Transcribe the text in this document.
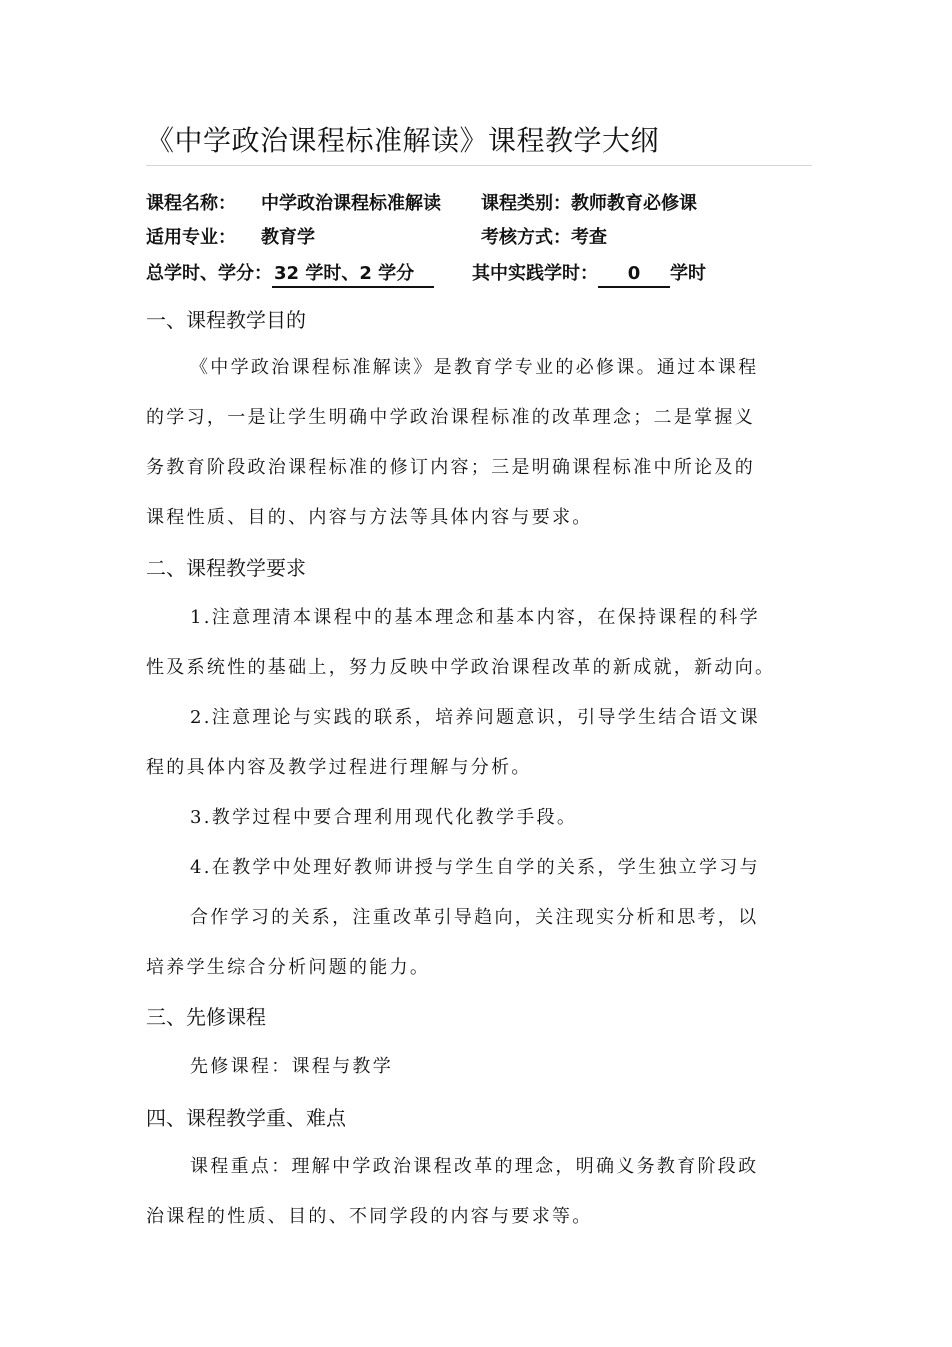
《中学政治课程标准解读》课程教学大纲
课程名称： 中学政治课程标准解读 课程类别：教师教育必修课
适用专业： 教育学	考核方式：考查
总学时、学分：32 学时、2 学分	其中实践学时： 0 学时
一、课程教学目的
《中学政治课程标准解读》是教育学专业的必修课。通过本课程
的学习，一是让学生明确中学政治课程标准的改革理念；二是掌握义
务教育阶段政治课程标准的修订内容；三是明确课程标准中所论及的
课程性质、目的、内容与方法等具体内容与要求。
二、课程教学要求
1.注意理清本课程中的基本理念和基本内容，在保持课程的科学
性及系统性的基础上，努力反映中学政治课程改革的新成就，新动向。
2.注意理论与实践的联系，培养问题意识，引导学生结合语文课
程的具体内容及教学过程进行理解与分析。
3.教学过程中要合理利用现代化教学手段。
4.在教学中处理好教师讲授与学生自学的关系，学生独立学习与
合作学习的关系，注重改革引导趋向，关注现实分析和思考，以
培养学生综合分析问题的能力。
三、先修课程
先修课程：课程与教学
四、课程教学重、难点
课程重点：理解中学政治课程改革的理念，明确义务教育阶段政
治课程的性质、目的、不同学段的内容与要求等。
